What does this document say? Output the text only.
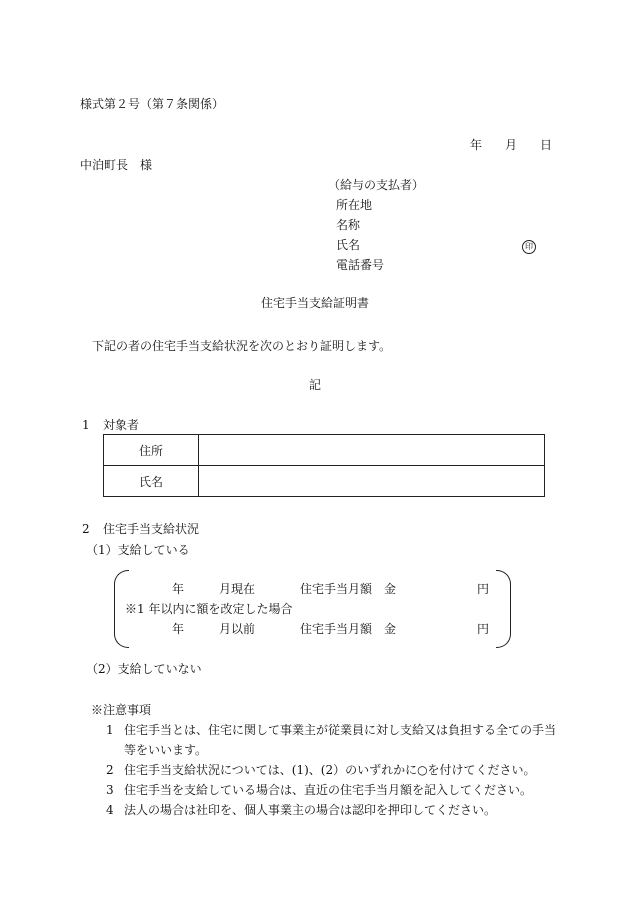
様式第２号（第７条関係）
年 月 日
中泊町長　様
（給与の支払者）
所在地
名称
氏名	印
電話番号
住宅手当支給証明書
下記の者の住宅手当支給状況を次のとおり証明します。
記
1 対象者
住所	
氏名	
2 住宅手当支給状況
（1）支給している
年	月現在	住宅手当月額　金	円
※1 年以内に額を改定した場合
年	月以前	住宅手当月額　金	円
（2）支給していない
※注意事項
1 住宅手当とは、住宅に関して事業主が従業員に対し支給又は負担する全ての手当
等をいいます。
2 住宅手当支給状況については、(1)、(2）のいずれかに○を付けてください。
3 住宅手当を支給している場合は、直近の住宅手当月額を記入してください。
4 法人の場合は社印を、個人事業主の場合は認印を押印してください。
